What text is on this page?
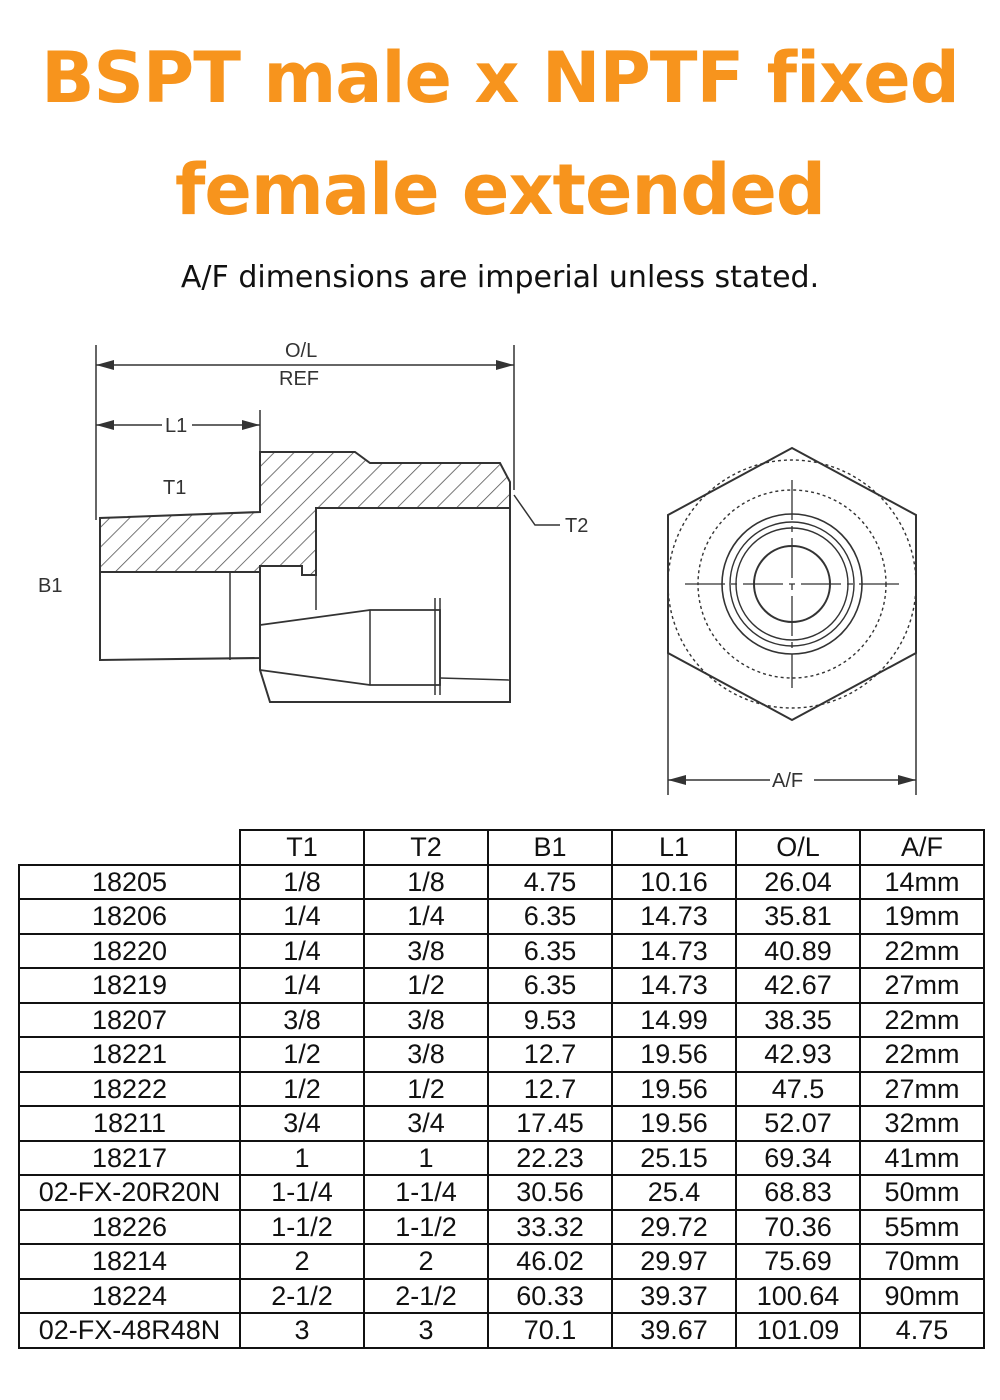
BSPT male x NPTF fixed
female extended

A/F dimensions are imperial unless stated.

O/L
REF
L1
T1
T2
B1
A/F
	T1	T2	B1	L1	O/L	A/F
18205	1/8	1/8	4.75	10.16	26.04	14mm
18206	1/4	1/4	6.35	14.73	35.81	19mm
18220	1/4	3/8	6.35	14.73	40.89	22mm
18219	1/4	1/2	6.35	14.73	42.67	27mm
18207	3/8	3/8	9.53	14.99	38.35	22mm
18221	1/2	3/8	12.7	19.56	42.93	22mm
18222	1/2	1/2	12.7	19.56	47.5	27mm
18211	3/4	3/4	17.45	19.56	52.07	32mm
18217	1	1	22.23	25.15	69.34	41mm
02-FX-20R20N	1-1/4	1-1/4	30.56	25.4	68.83	50mm
18226	1-1/2	1-1/2	33.32	29.72	70.36	55mm
18214	2	2	46.02	29.97	75.69	70mm
18224	2-1/2	2-1/2	60.33	39.37	100.64	90mm
02-FX-48R48N	3	3	70.1	39.67	101.09	4.75
